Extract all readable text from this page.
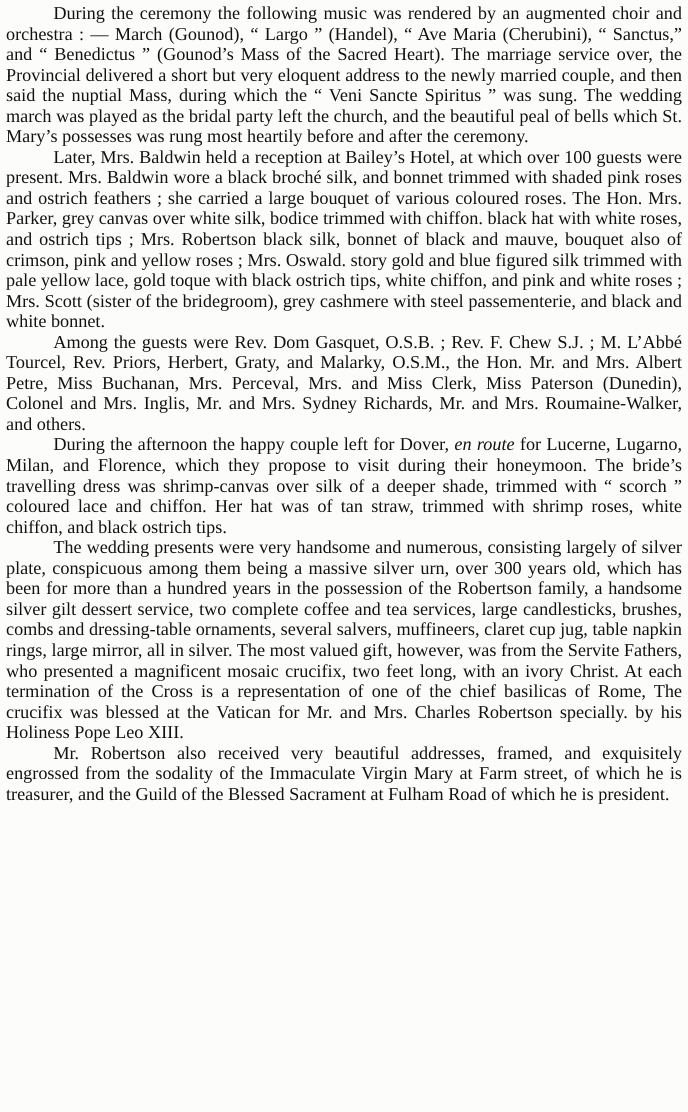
During the ceremony the following music was rendered by an augmented choir and orchestra : — March (Gounod), “ Largo ” (Handel), “ Ave Maria (Cherubini), “ Sanctus,” and “ Benedictus ” (Gounod’s Mass of the Sacred Heart). The marriage service over, the Provincial delivered a short but very eloquent address to the newly married couple, and then said the nuptial Mass, during which the “ Veni Sancte Spiritus ” was sung. The wedding march was played as the bridal party left the church, and the beautiful peal of bells which St. Mary’s possesses was rung most heartily before and after the ceremony.

Later, Mrs. Baldwin held a reception at Bailey’s Hotel, at which over 100 guests were present. Mrs. Baldwin wore a black broché silk, and bonnet trimmed with shaded pink roses and ostrich feathers ; she carried a large bouquet of various coloured roses. The Hon. Mrs. Parker, grey canvas over white silk, bodice trimmed with chiffon. black hat with white roses, and ostrich tips ; Mrs. Robertson black silk, bonnet of black and mauve, bouquet also of crimson, pink and yellow roses ; Mrs. Oswald. story gold and blue figured silk trimmed with pale yellow lace, gold toque with black ostrich tips, white chiffon, and pink and white roses ; Mrs. Scott (sister of the bridegroom), grey cashmere with steel passementerie, and black and white bonnet.

Among the guests were Rev. Dom Gasquet, O.S.B. ; Rev. F. Chew S.J. ; M. L’Abbé Tourcel, Rev. Priors, Herbert, Graty, and Malarky, O.S.M., the Hon. Mr. and Mrs. Albert Petre, Miss Buchanan, Mrs. Perceval, Mrs. and Miss Clerk, Miss Paterson (Dunedin), Colonel and Mrs. Inglis, Mr. and Mrs. Sydney Richards, Mr. and Mrs. Roumaine-Walker, and others.

During the afternoon the happy couple left for Dover, en route for Lucerne, Lugarno, Milan, and Florence, which they propose to visit during their honeymoon. The bride’s travelling dress was shrimp-canvas over silk of a deeper shade, trimmed with “ scorch ” coloured lace and chiffon. Her hat was of tan straw, trimmed with shrimp roses, white chiffon, and black ostrich tips.

The wedding presents were very handsome and numerous, consisting largely of silver plate, conspicuous among them being a massive silver urn, over 300 years old, which has been for more than a hundred years in the possession of the Robertson family, a handsome silver gilt dessert service, two complete coffee and tea services, large candlesticks, brushes, combs and dressing-table ornaments, several salvers, muffineers, claret cup jug, table napkin rings, large mirror, all in silver. The most valued gift, however, was from the Servite Fathers, who presented a magnificent mosaic crucifix, two feet long, with an ivory Christ. At each termination of the Cross is a representation of one of the chief basilicas of Rome, The crucifix was blessed at the Vatican for Mr. and Mrs. Charles Robertson specially. by his Holiness Pope Leo XIII.

Mr. Robertson also received very beautiful addresses, framed, and exquisitely engrossed from the sodality of the Immaculate Virgin Mary at Farm street, of which he is treasurer, and the Guild of the Blessed Sacrament at Fulham Road of which he is president.
